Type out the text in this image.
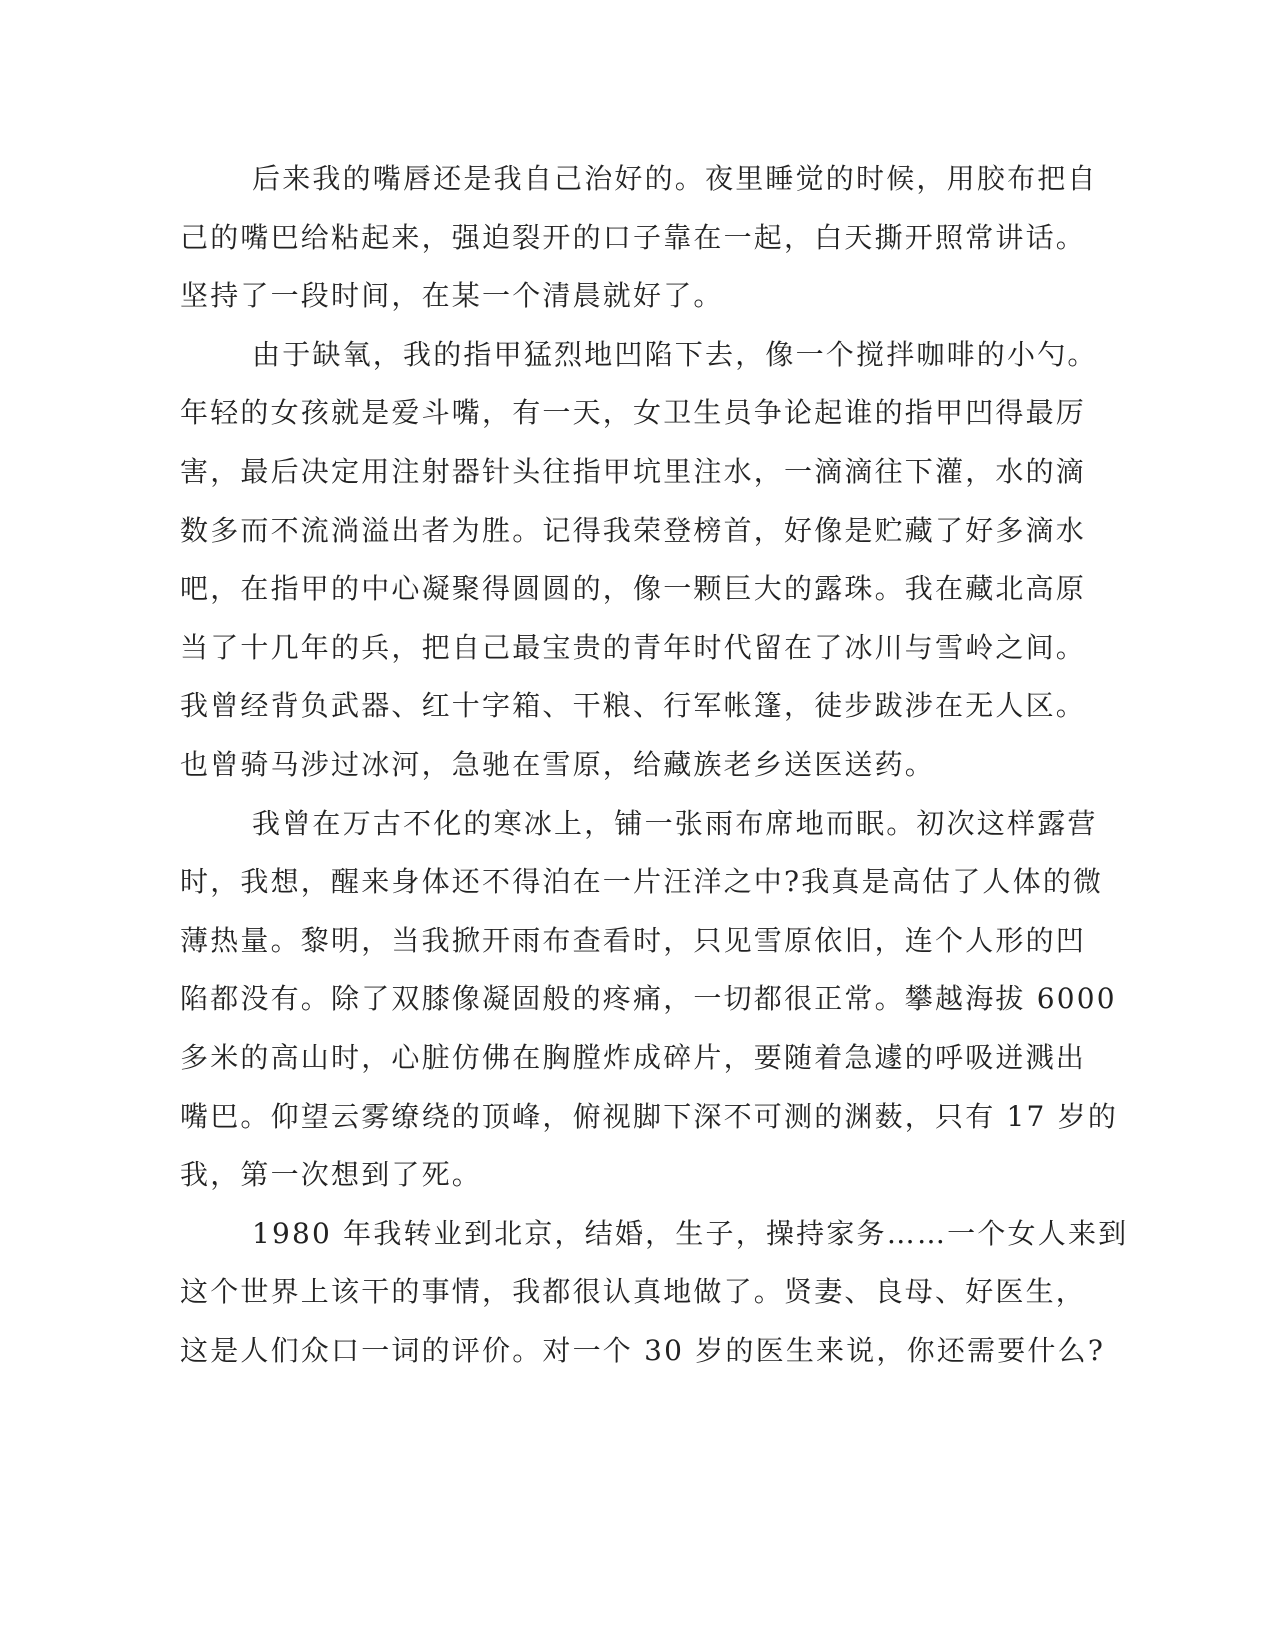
后来我的嘴唇还是我自己治好的。夜里睡觉的时候，用胶布把自
己的嘴巴给粘起来，强迫裂开的口子靠在一起，白天撕开照常讲话。
坚持了一段时间，在某一个清晨就好了。

由于缺氧，我的指甲猛烈地凹陷下去，像一个搅拌咖啡的小勺。
年轻的女孩就是爱斗嘴，有一天，女卫生员争论起谁的指甲凹得最厉
害，最后决定用注射器针头往指甲坑里注水，一滴滴往下灌，水的滴
数多而不流淌溢出者为胜。记得我荣登榜首，好像是贮藏了好多滴水
吧，在指甲的中心凝聚得圆圆的，像一颗巨大的露珠。我在藏北高原
当了十几年的兵，把自己最宝贵的青年时代留在了冰川与雪岭之间。
我曾经背负武器、红十字箱、干粮、行军帐篷，徒步跋涉在无人区。
也曾骑马涉过冰河，急驰在雪原，给藏族老乡送医送药。

我曾在万古不化的寒冰上，铺一张雨布席地而眠。初次这样露营
时，我想，醒来身体还不得泊在一片汪洋之中?我真是高估了人体的微
薄热量。黎明，当我掀开雨布查看时，只见雪原依旧，连个人形的凹
陷都没有。除了双膝像凝固般的疼痛，一切都很正常。攀越海拔 6000
多米的高山时，心脏仿佛在胸膛炸成碎片，要随着急遽的呼吸迸溅出
嘴巴。仰望云雾缭绕的顶峰，俯视脚下深不可测的渊薮，只有 17 岁的
我，第一次想到了死。

1980 年我转业到北京，结婚，生子，操持家务……一个女人来到
这个世界上该干的事情，我都很认真地做了。贤妻、良母、好医生，
这是人们众口一词的评价。对一个 30 岁的医生来说，你还需要什么?
